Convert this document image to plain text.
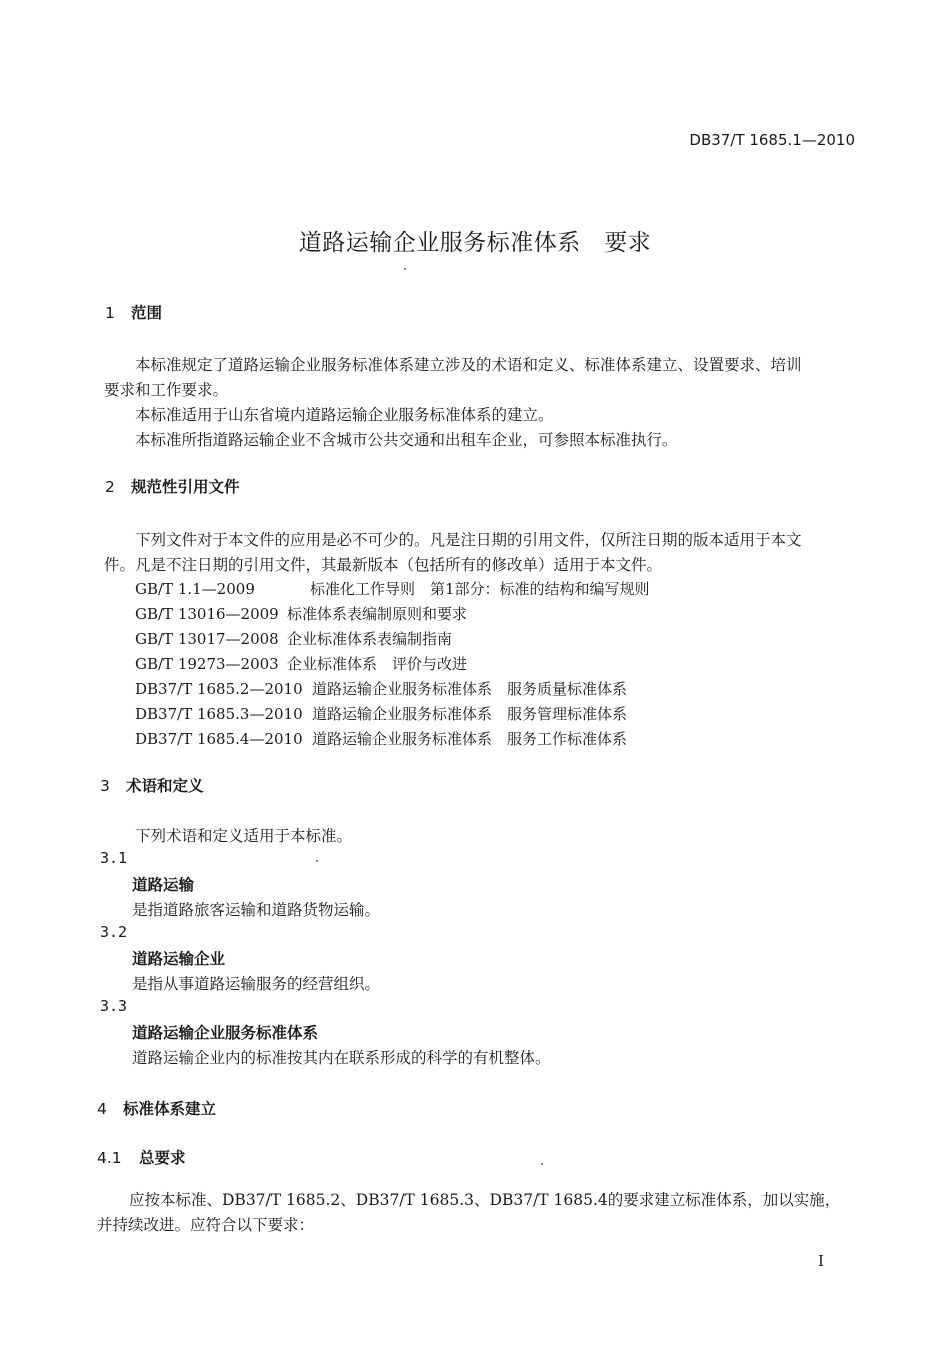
DB37/T 1685.1—2010
道路运输企业服务标准体系　要求
1 范围
本标准规定了道路运输企业服务标准体系建立涉及的术语和定义、标准体系建立、设置要求、培训
要求和工作要求。
本标准适用于山东省境内道路运输企业服务标准体系的建立。
本标准所指道路运输企业不含城市公共交通和出租车企业，可参照本标准执行。
2 规范性引用文件
下列文件对于本文件的应用是必不可少的。凡是注日期的引用文件，仅所注日期的版本适用于本文
件。凡是不注日期的引用文件，其最新版本（包括所有的修改单）适用于本文件。
GB/T 1.1—2009	标准化工作导则　第1部分：标准的结构和编写规则
GB/T 13016—2009 标准体系表编制原则和要求
GB/T 13017—2008 企业标准体系表编制指南
GB/T 19273—2003 企业标准体系　评价与改进
DB37/T 1685.2—2010 道路运输企业服务标准体系　服务质量标准体系
DB37/T 1685.3—2010 道路运输企业服务标准体系　服务管理标准体系
DB37/T 1685.4—2010 道路运输企业服务标准体系　服务工作标准体系
3 术语和定义
下列术语和定义适用于本标准。
3.1
道路运输
是指道路旅客运输和道路货物运输。
3.2
道路运输企业
是指从事道路运输服务的经营组织。
3.3
道路运输企业服务标准体系
道路运输企业内的标准按其内在联系形成的科学的有机整体。
4 标准体系建立
4.1 总要求
应按本标准、DB37/T 1685.2、DB37/T 1685.3、DB37/T 1685.4的要求建立标准体系，加以实施，
并持续改进。应符合以下要求：
I
